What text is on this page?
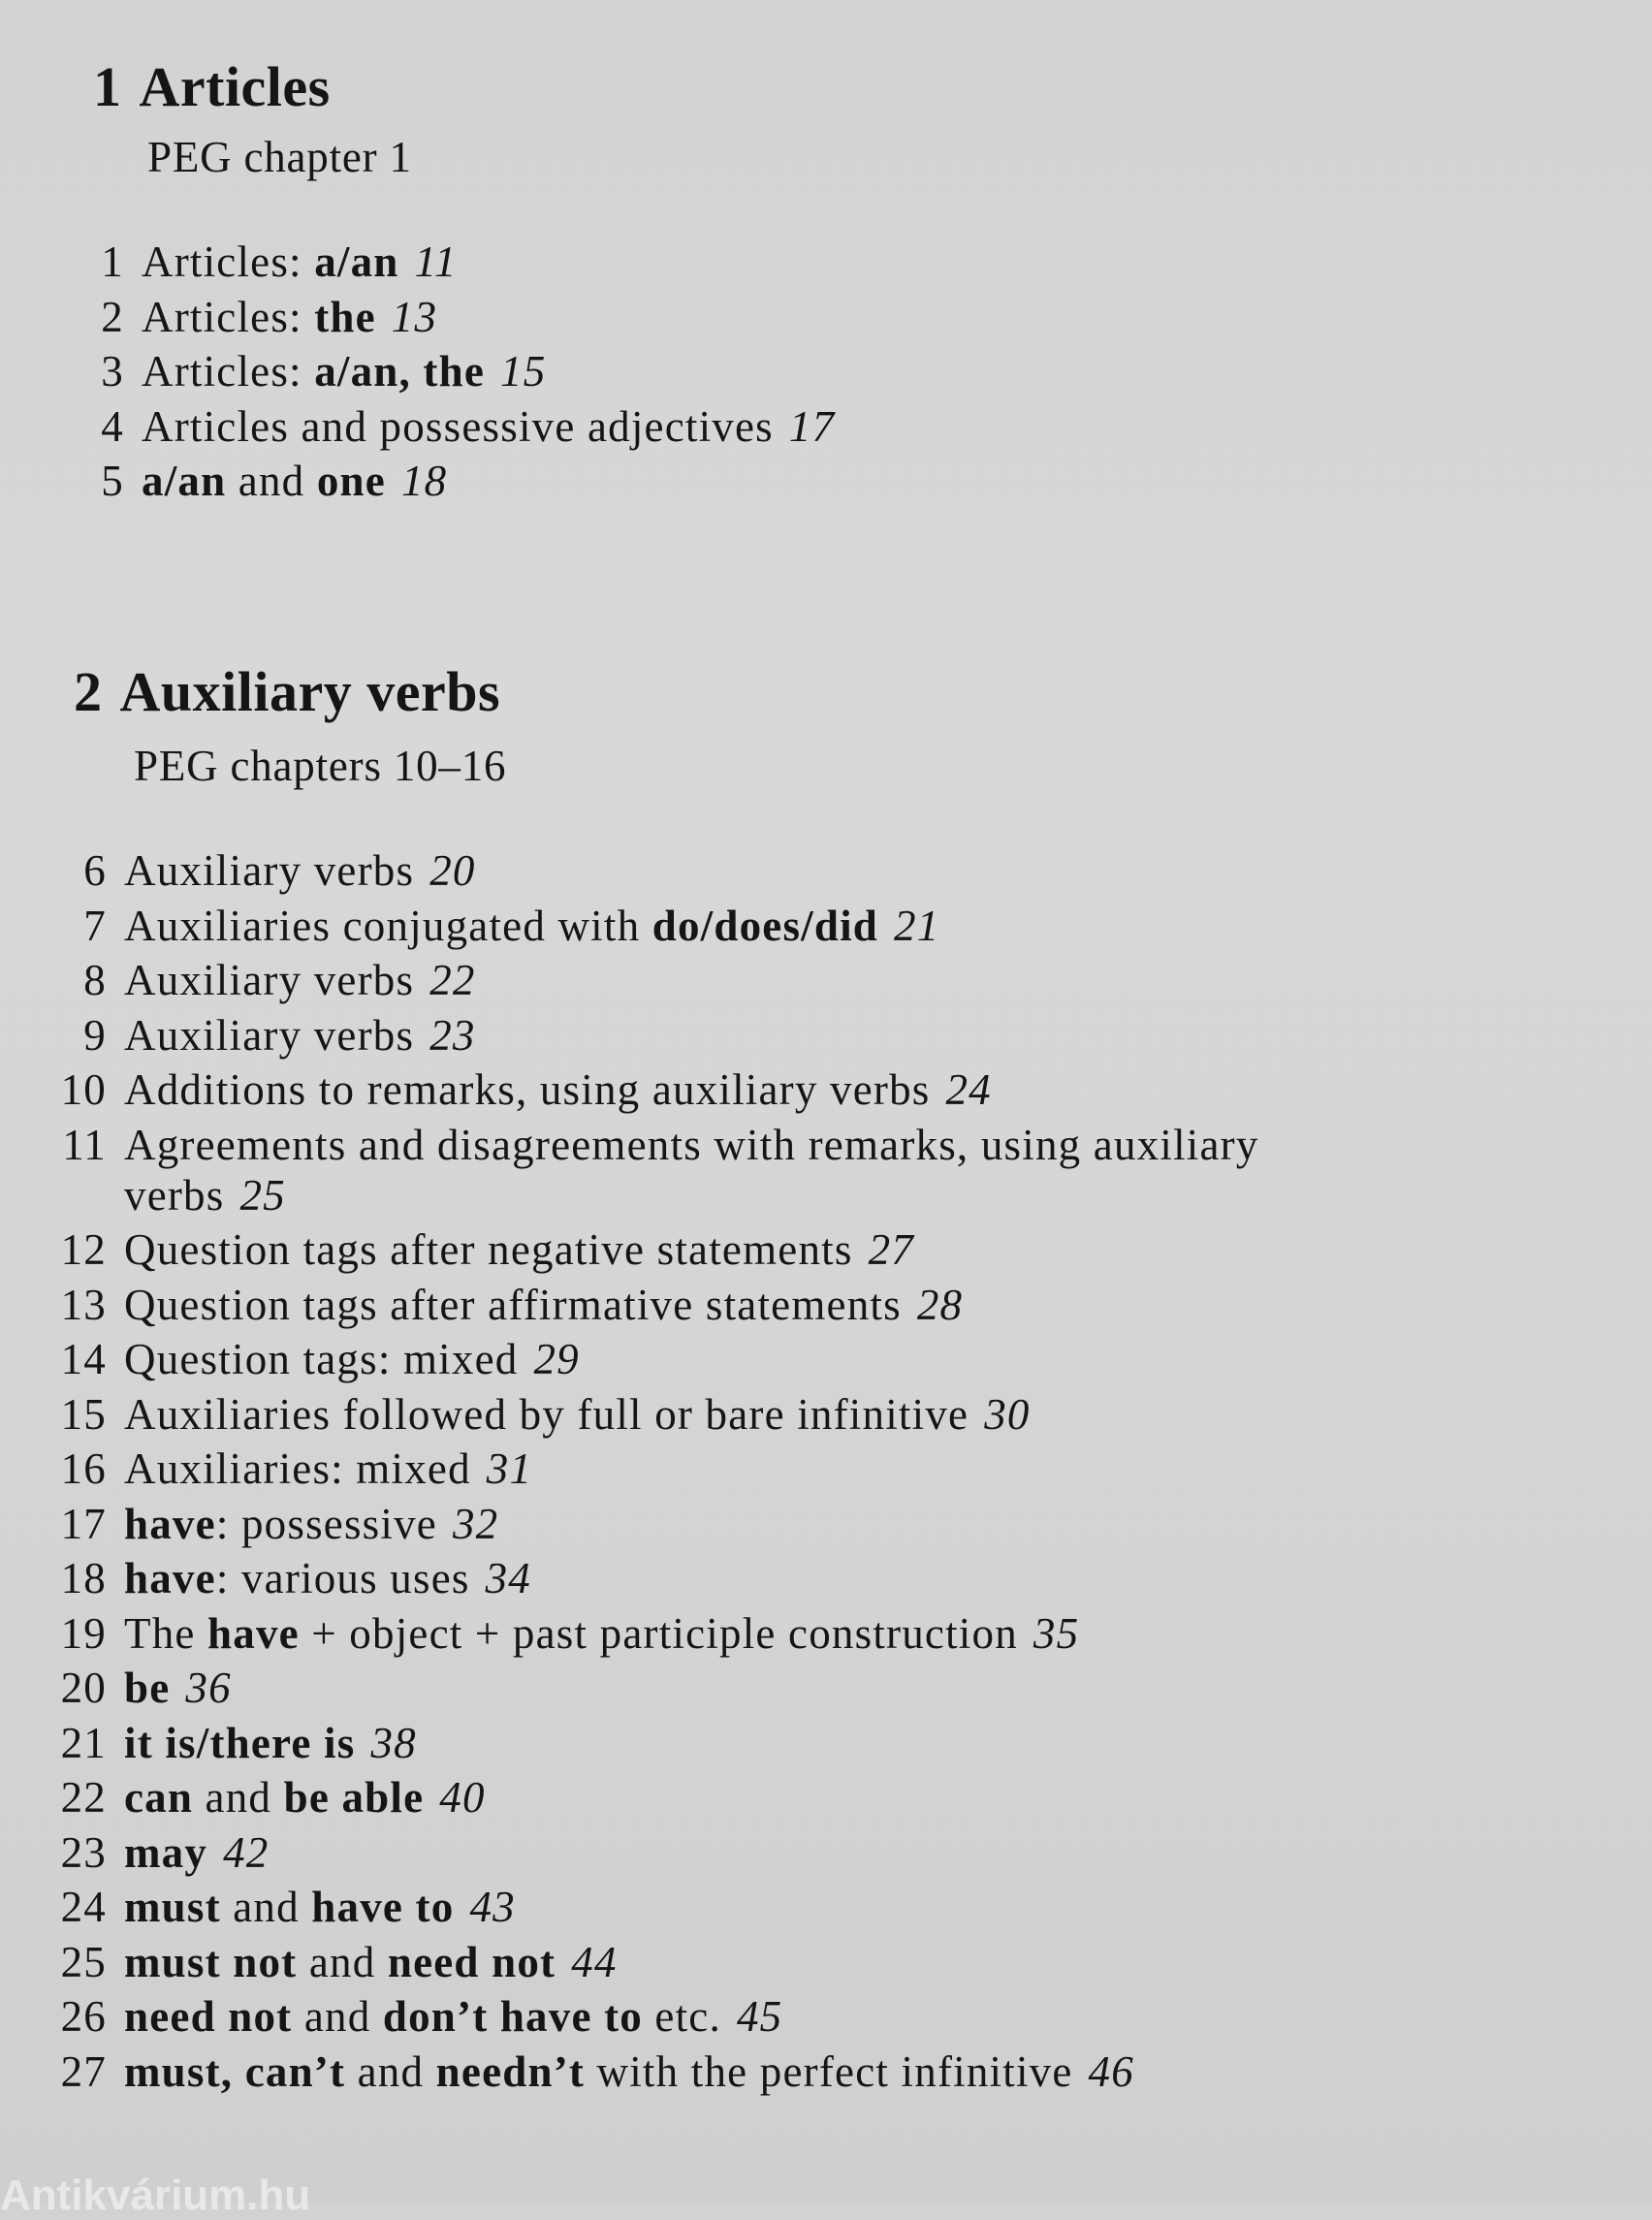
1 Articles
PEG chapter 1
1 Articles: a/an 11
2 Articles: the 13
3 Articles: a/an, the 15
4 Articles and possessive adjectives 17
5 a/an and one 18
2 Auxiliary verbs
PEG chapters 10–16
6 Auxiliary verbs 20
7 Auxiliaries conjugated with do/does/did 21
8 Auxiliary verbs 22
9 Auxiliary verbs 23
10 Additions to remarks, using auxiliary verbs 24
11 Agreements and disagreements with remarks, using auxiliary
verbs 25
12 Question tags after negative statements 27
13 Question tags after affirmative statements 28
14 Question tags: mixed 29
15 Auxiliaries followed by full or bare infinitive 30
16 Auxiliaries: mixed 31
17 have: possessive 32
18 have: various uses 34
19 The have + object + past participle construction 35
20 be 36
21 it is/there is 38
22 can and be able 40
23 may 42
24 must and have to 43
25 must not and need not 44
26 need not and don’t have to etc. 45
27 must, can’t and needn’t with the perfect infinitive 46
Antikvárium.hu
